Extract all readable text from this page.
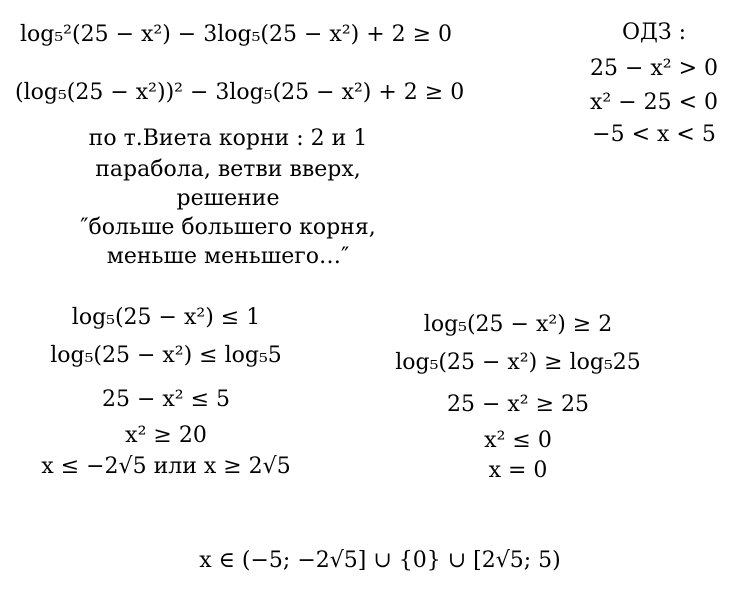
log₅²(25 − x²) − 3log₅(25 − x²) + 2 ≥ 0
(log₅(25 − x²))² − 3log₅(25 − x²) + 2 ≥ 0
ОДЗ :
25 − x² > 0
x² − 25 < 0
−5 < x < 5
по т.Виета корни : 2 и 1
парабола, ветви вверх,
решение
″больше большего корня,
меньше меньшего…″
log₅(25 − x²) ≤ 1
log₅(25 − x²) ≤ log₅5
25 − x² ≤ 5
x² ≥ 20
x ≤ −2√5 или x ≥ 2√5
log₅(25 − x²) ≥ 2
log₅(25 − x²) ≥ log₅25
25 − x² ≥ 25
x² ≤ 0
x = 0
x ∈ (−5; −2√5] ∪ {0} ∪ [2√5; 5)
